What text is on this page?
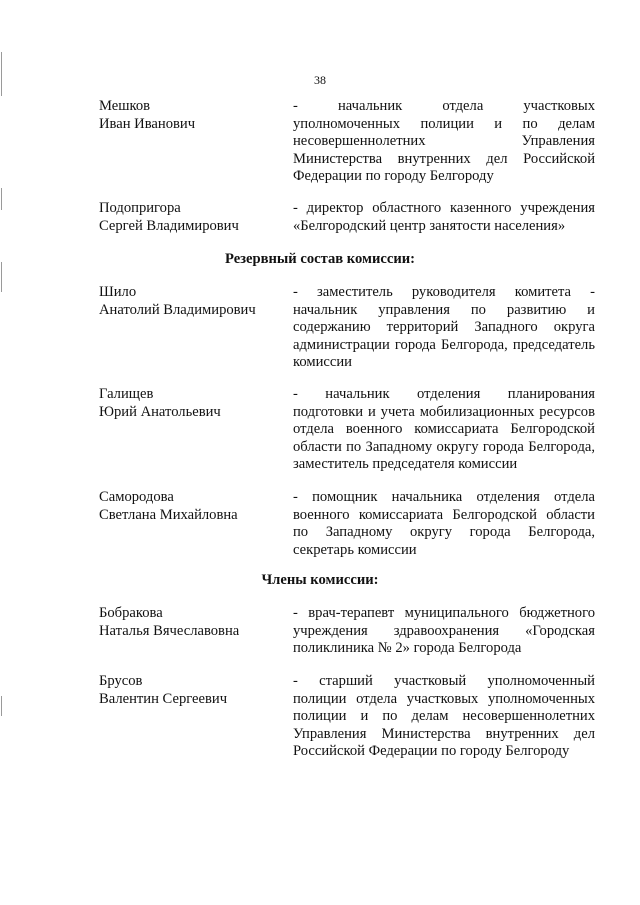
38
Мешков
Иван Иванович
- начальник отдела участковых уполномоченных полиции и по делам несовершеннолетних Управления Министерства внутренних дел Российской Федерации по городу Белгороду
Подопригора
Сергей Владимирович
- директор областного казенного учреждения «Белгородский центр занятости населения»
Резервный состав комиссии:
Шило
Анатолий Владимирович
- заместитель руководителя комитета - начальник управления по развитию и содержанию территорий Западного округа администрации города Белгорода, председатель комиссии
Галищев
Юрий Анатольевич
- начальник отделения планирования подготовки и учета мобилизационных ресурсов отдела военного комиссариата Белгородской области по Западному округу города Белгорода, заместитель председателя комиссии
Самородова
Светлана Михайловна
- помощник начальника отделения отдела военного комиссариата Белгородской области по Западному округу города Белгорода, секретарь комиссии
Члены комиссии:
Бобракова
Наталья Вячеславовна
- врач-терапевт муниципального бюджетного учреждения здравоохранения «Городская поликлиника № 2» города Белгорода
Брусов
Валентин Сергеевич
- старший участковый уполномоченный полиции отдела участковых уполномоченных полиции и по делам несовершеннолетних Управления Министерства внутренних дел Российской Федерации по городу Белгороду
